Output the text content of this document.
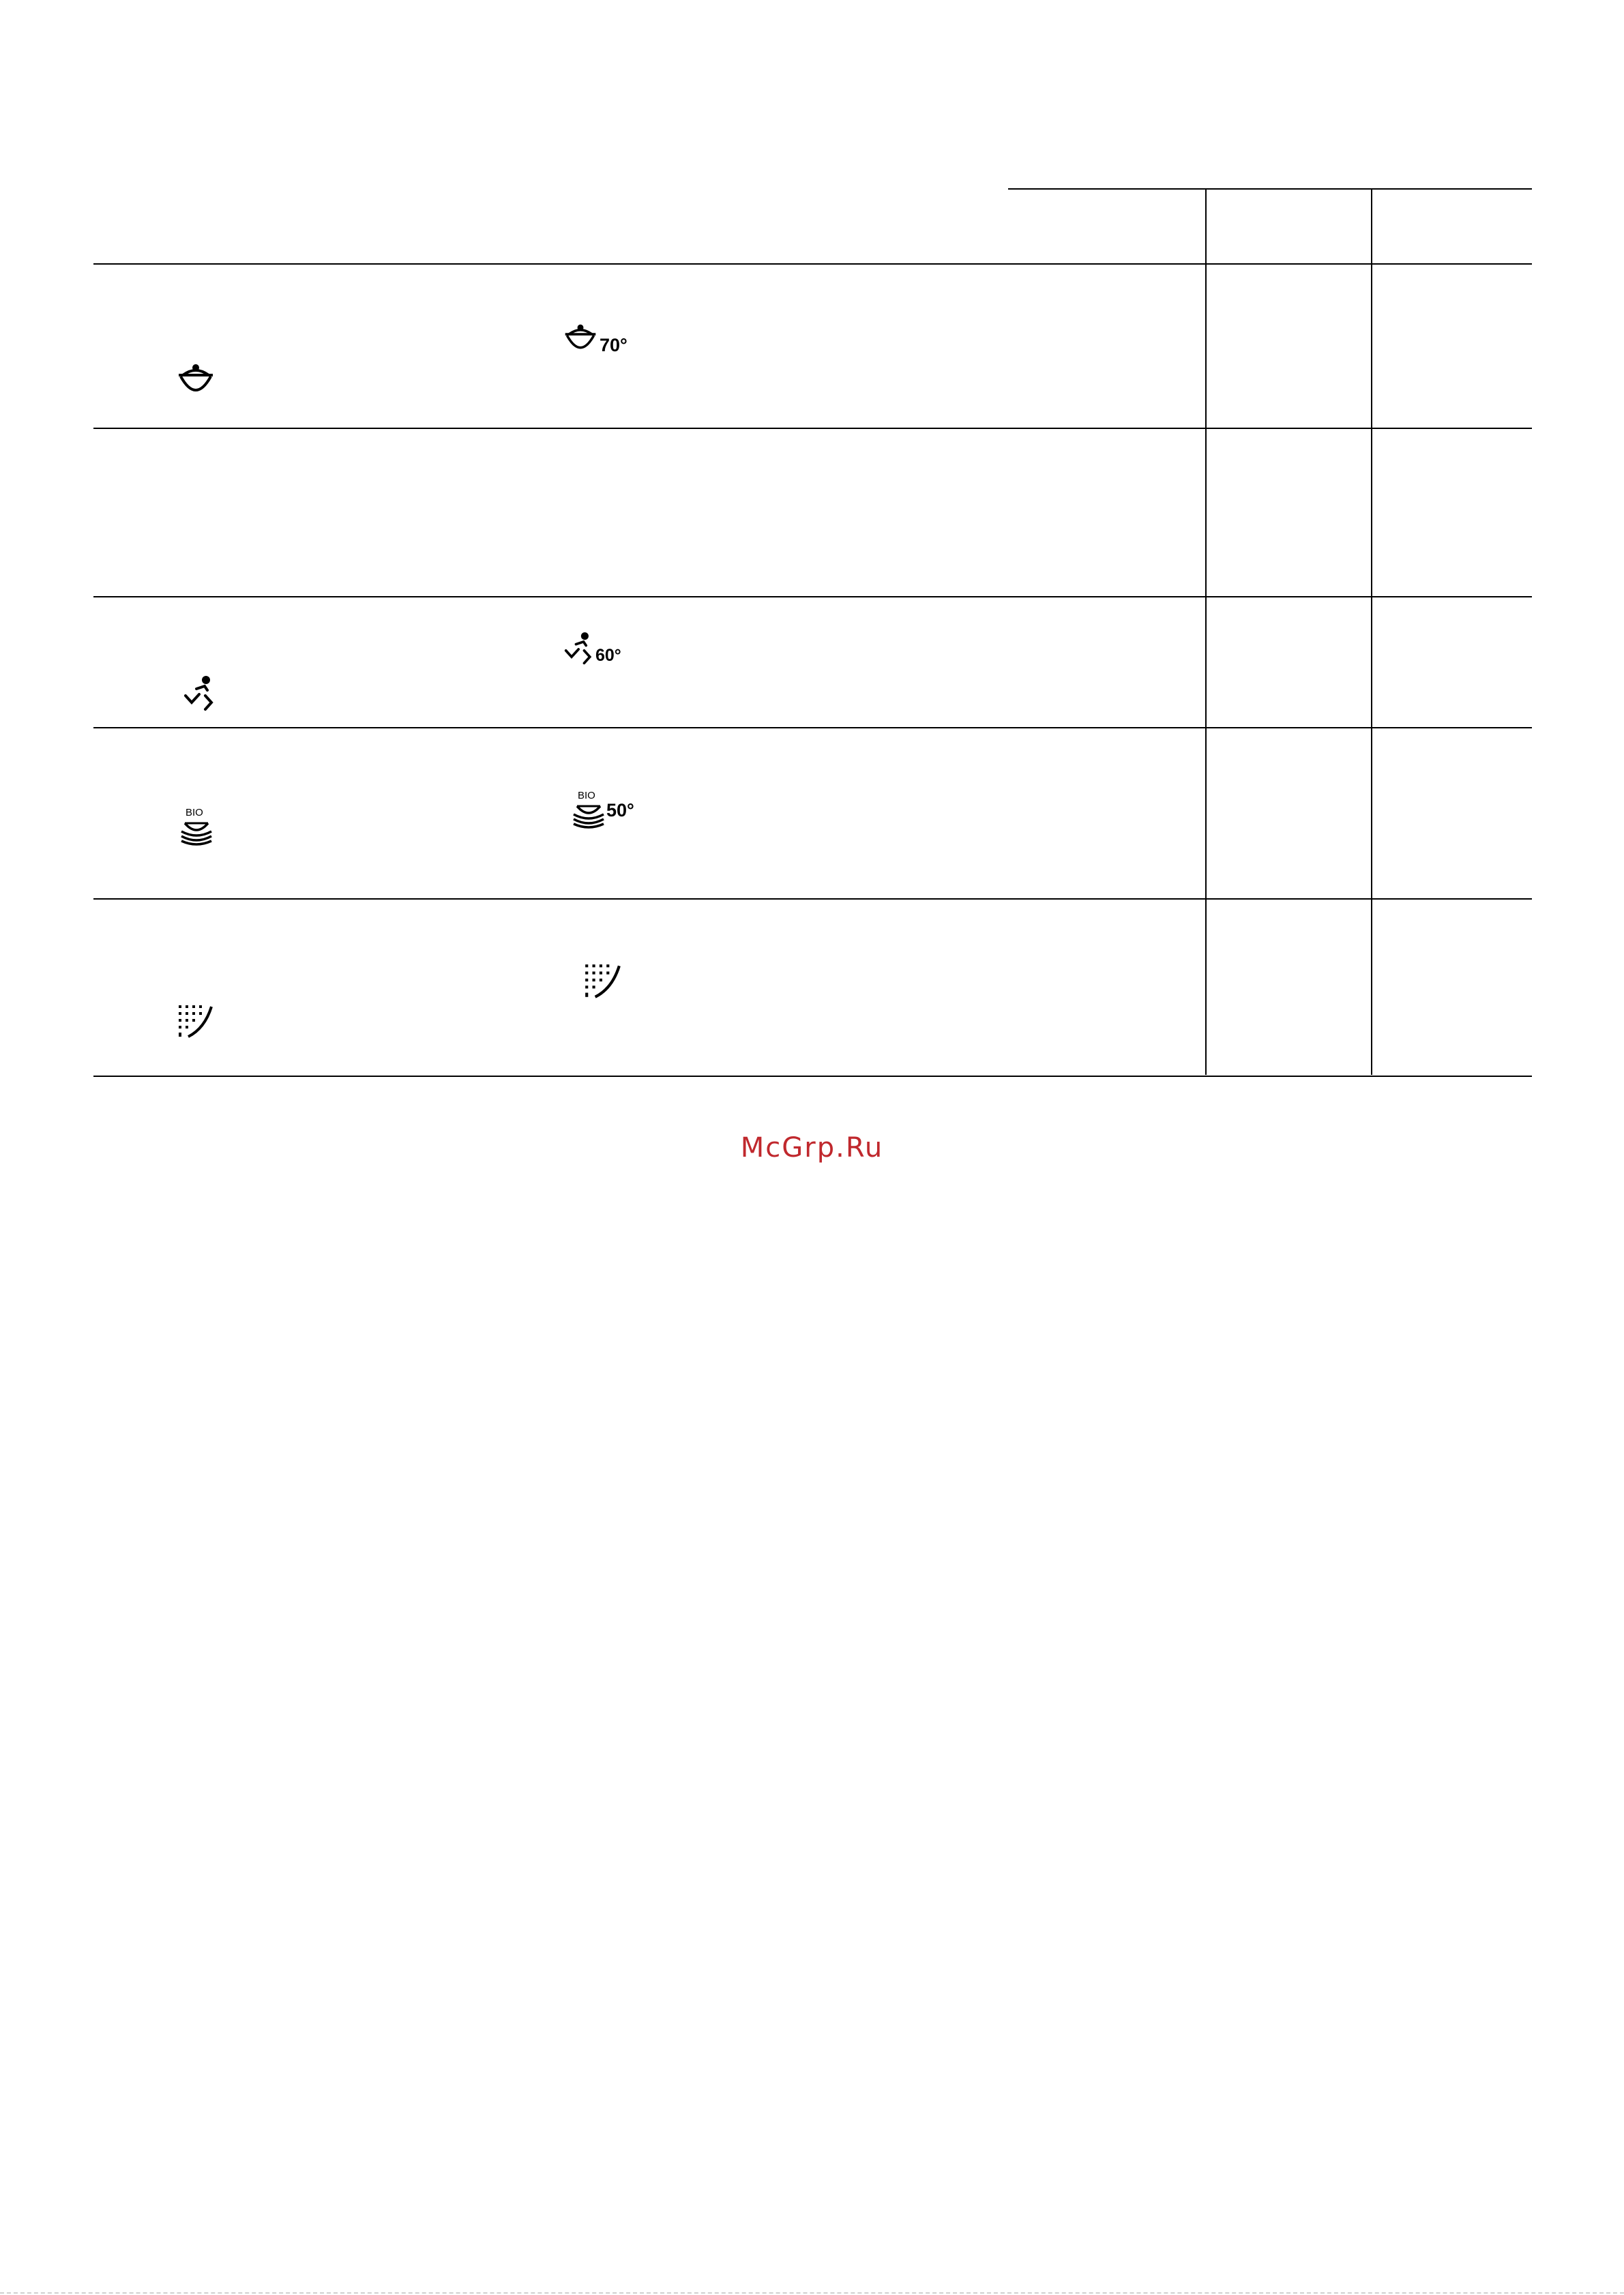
70°
60°
BIO
BIO
50°
McGrp.Ru
